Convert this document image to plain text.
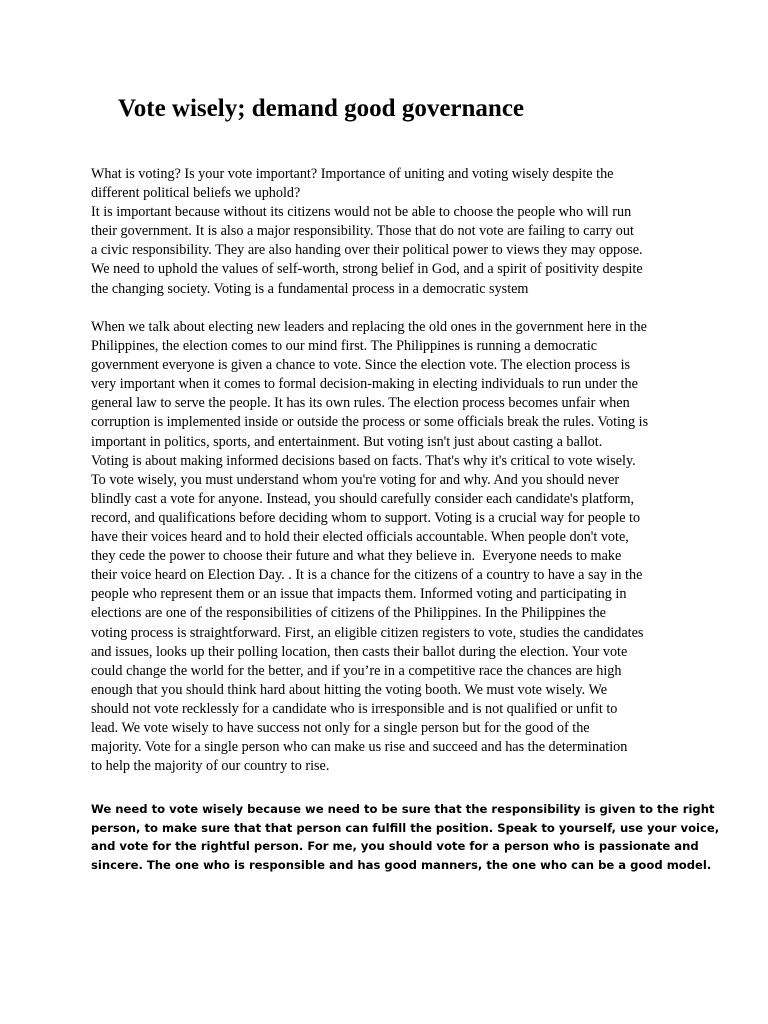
Vote wisely; demand good governance

What is voting? Is your vote important? Importance of uniting and voting wisely despite the
different political beliefs we uphold?
It is important because without its citizens would not be able to choose the people who will run
their government. It is also a major responsibility. Those that do not vote are failing to carry out
a civic responsibility. They are also handing over their political power to views they may oppose.
We need to uphold the values of self-worth, strong belief in God, and a spirit of positivity despite
the changing society. Voting is a fundamental process in a democratic system

When we talk about electing new leaders and replacing the old ones in the government here in the
Philippines, the election comes to our mind first. The Philippines is running a democratic
government everyone is given a chance to vote. Since the election vote. The election process is
very important when it comes to formal decision-making in electing individuals to run under the
general law to serve the people. It has its own rules. The election process becomes unfair when
corruption is implemented inside or outside the process or some officials break the rules. Voting is
important in politics, sports, and entertainment. But voting isn't just about casting a ballot.
Voting is about making informed decisions based on facts. That's why it's critical to vote wisely.
To vote wisely, you must understand whom you're voting for and why. And you should never
blindly cast a vote for anyone. Instead, you should carefully consider each candidate's platform,
record, and qualifications before deciding whom to support. Voting is a crucial way for people to
have their voices heard and to hold their elected officials accountable. When people don't vote,
they cede the power to choose their future and what they believe in.  Everyone needs to make
their voice heard on Election Day. . It is a chance for the citizens of a country to have a say in the
people who represent them or an issue that impacts them. Informed voting and participating in
elections are one of the responsibilities of citizens of the Philippines. In the Philippines the
voting process is straightforward. First, an eligible citizen registers to vote, studies the candidates
and issues, looks up their polling location, then casts their ballot during the election. Your vote
could change the world for the better, and if you’re in a competitive race the chances are high
enough that you should think hard about hitting the voting booth. We must vote wisely. We
should not vote recklessly for a candidate who is irresponsible and is not qualified or unfit to
lead. We vote wisely to have success not only for a single person but for the good of the
majority. Vote for a single person who can make us rise and succeed and has the determination
to help the majority of our country to rise.

We need to vote wisely because we need to be sure that the responsibility is given to the right
person, to make sure that that person can fulfill the position. Speak to yourself, use your voice,
and vote for the rightful person. For me, you should vote for a person who is passionate and
sincere. The one who is responsible and has good manners, the one who can be a good model.
